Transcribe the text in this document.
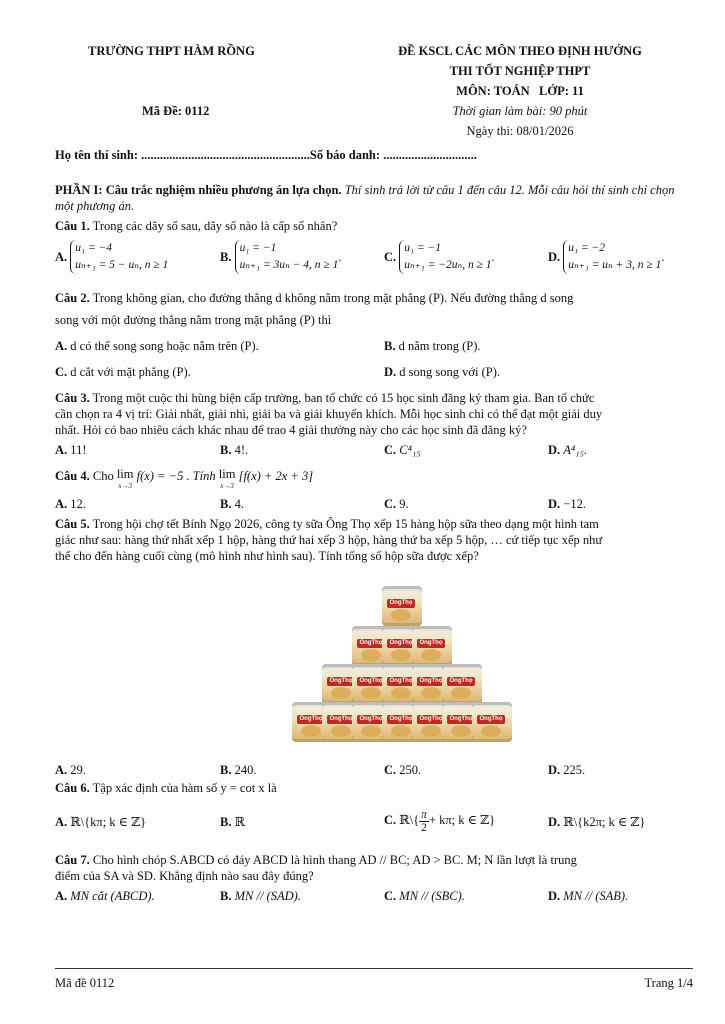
TRƯỜNG THPT HÀM RỒNG	ĐỀ KSCL CÁC MÔN THEO ĐỊNH HƯỚNG
THI TỐT NGHIỆP THPT
MÔN: TOÁN   LỚP: 11
Mã Đề: 0112	Thời gian làm bài: 90 phút
Ngày thi: 08/01/2026
Họ tên thí sinh: ......................................................Số báo danh: ..............................
PHẦN I: Câu trắc nghiệm nhiều phương án lựa chọn. Thí sinh trả lời từ câu 1 đến câu 12. Mỗi câu hỏi thí sinh chỉ chọn một phương án.
Câu 1. Trong các dãy số sau, dãy số nào là cấp số nhân?
A.
u₁ = −4
uₙ₊₁ = 5 − uₙ, n ≥ 1
B.
u₁ = −1
uₙ₊₁ = 3uₙ − 4, n ≥ 1
.	C.
u₁ = −1
uₙ₊₁ = −2uₙ, n ≥ 1
.	D.
u₁ = −2
uₙ₊₁ = uₙ + 3, n ≥ 1
.
Câu 2. Trong không gian, cho đường thẳng d không nằm trong mặt phẳng (P). Nếu đường thẳng d song
song với một đường thẳng nằm trong mặt phẳng (P) thì
A. d có thể song song hoặc nằm trên (P).	B. d nằm trong (P).
C. d cắt với mặt phẳng (P).	D. d song song với (P).
Câu 3. Trong một cuộc thi hùng biện cấp trường, ban tổ chức có 15 học sinh đăng ký tham gia. Ban tổ chức
cần chọn ra 4 vị trí: Giải nhất, giải nhì, giải ba và giải khuyến khích. Mỗi học sinh chỉ có thể đạt một giải duy
nhất. Hỏi có bao nhiêu cách khác nhau để trao 4 giải thưởng này cho các học sinh đã đăng ký?
A. 11!	B. 4!.	C. C⁴₁₅	D. A⁴₁₅.
Câu 4. Cho lim
x→3
f(x) = −5 . Tính lim
x→3
[f(x) + 2x + 3]
A. 12.	B. 4.	C. 9.	D. −12.
Câu 5. Trong hội chợ tết Bính Ngọ 2026, công ty sữa Ông Thọ xếp 15 hàng hộp sữa theo dạng một hình tam
giác như sau: hàng thứ nhất xếp 1 hộp, hàng thứ hai xếp 3 hộp, hàng thứ ba xếp 5 hộp, … cứ tiếp tục xếp như
thế cho đến hàng cuối cùng (mô hình như hình sau). Tính tổng số hộp sữa được xếp?
ÔngThọ
ÔngThọ	ÔngThọ	ÔngThọ
ÔngThọ	ÔngThọ	ÔngThọ	ÔngThọ	ÔngThọ
ÔngThọ	ÔngThọ	ÔngThọ	ÔngThọ	ÔngThọ	ÔngThọ	ÔngThọ
A. 29.	B. 240.	C. 250.	D. 225.
Câu 6. Tập xác định của hàm số y = cot x là
A. ℝ\{kπ; k ∈ ℤ}	B. ℝ	C. ℝ\{ $\frac{\pi}{2} + k\pi$; k ∈ ℤ}	D. ℝ\{k2π; k ∈ ℤ}
Câu 7. Cho hình chóp S.ABCD có đáy ABCD là hình thang AD // BC; AD > BC. M; N lần lượt là trung
điểm của SA và SD. Khẳng định nào sau đây đúng?
A. MN cắt (ABCD).	B. MN // (SAD).	C. MN // (SBC).	D. MN // (SAB).
Mã đề 0112	Trang 1/4
